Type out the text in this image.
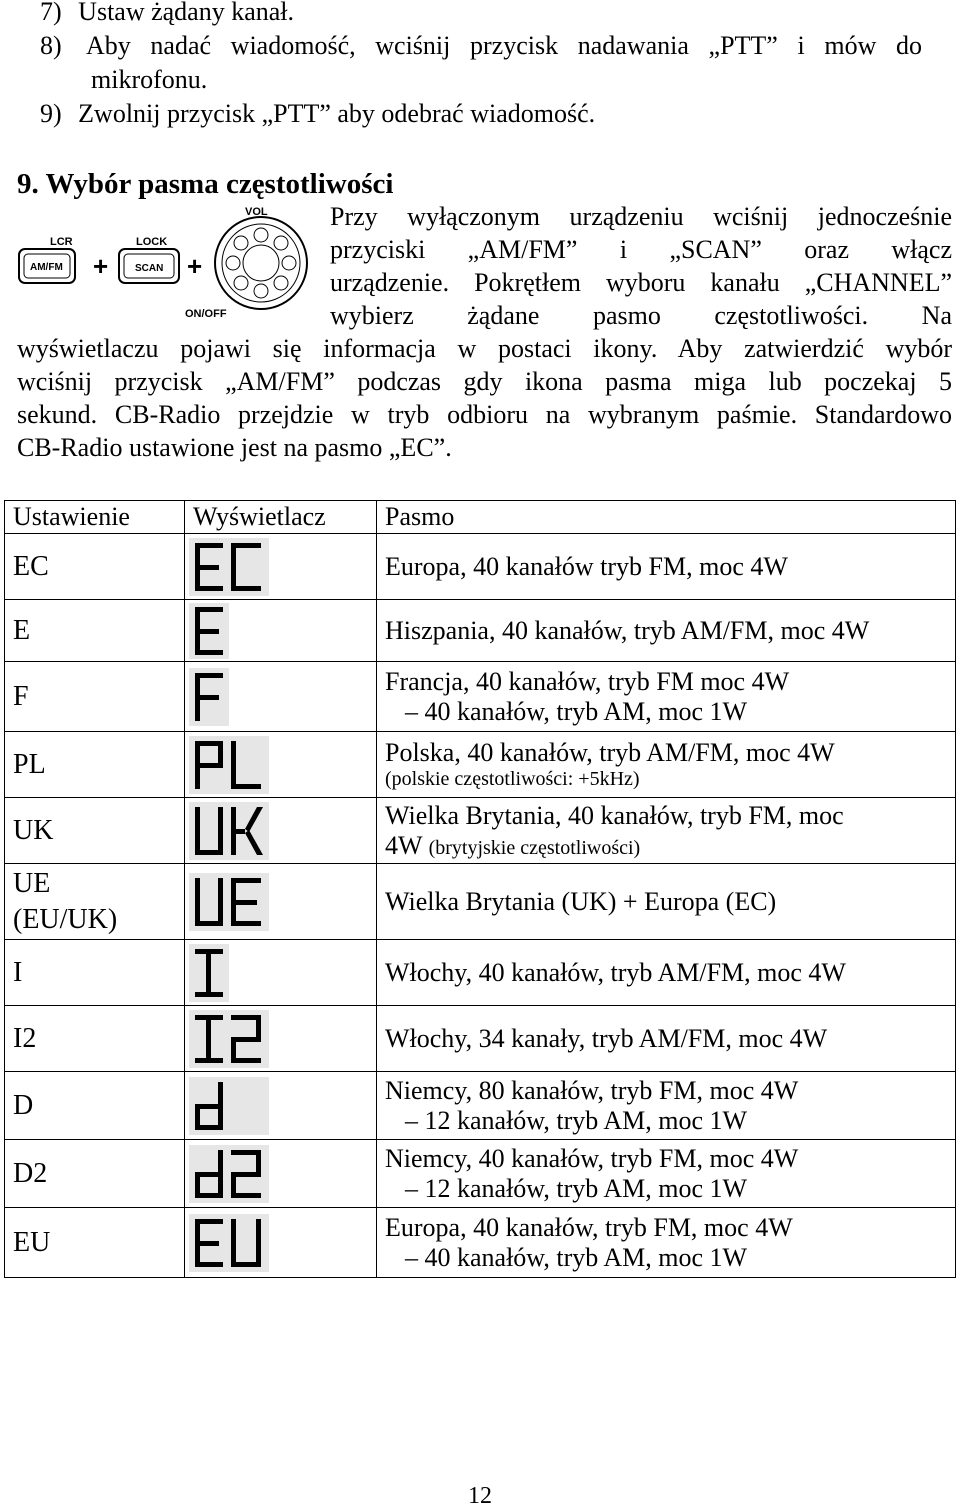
7) Ustaw żądany kanał.
8) Aby nadać wiadomość, wciśnij przycisk nadawania „PTT” i mów do
mikrofonu.
9) Zwolnij przycisk „PTT” aby odebrać wiadomość.
9. Wybór pasma częstotliwości
LCR
AM/FM +
LOCK
SCAN +
VOL
ON/OFF
Przy wyłączonym urządzeniu wciśnij jednocześnie
przyciski „AM/FM” i „SCAN” oraz włącz
urządzenie. Pokrętłem wyboru kanału „CHANNEL”
wybierz żądane pasmo częstotliwości. Na
wyświetlaczu pojawi się informacja w postaci ikony. Aby zatwierdzić wybór
wciśnij przycisk „AM/FM” podczas gdy ikona pasma miga lub poczekaj 5
sekund. CB-Radio przejdzie w tryb odbioru na wybranym paśmie. Standardowo
CB-Radio ustawione jest na pasmo „EC”.
Ustawienie	Wyświetlacz	Pasmo
EC		Europa, 40 kanałów tryb FM, moc 4W

E		Hiszpania, 40 kanałów, tryb AM/FM, moc 4W

F		Francja, 40 kanałów, tryb FM moc 4W
– 40 kanałów, tryb AM, moc 1W

PL		Polska, 40 kanałów, tryb AM/FM, moc 4W
(polskie częstotliwości: +5kHz)

UK		Wielka Brytania, 40 kanałów, tryb FM, moc
4W (brytyjskie częstotliwości)

UE
(EU/UK)		Wielka Brytania (UK) + Europa (EC)

I		Włochy, 40 kanałów, tryb AM/FM, moc 4W

I2		Włochy, 34 kanały, tryb AM/FM, moc 4W

D		Niemcy, 80 kanałów, tryb FM, moc 4W
– 12 kanałów, tryb AM, moc 1W

D2		Niemcy, 40 kanałów, tryb FM, moc 4W
– 12 kanałów, tryb AM, moc 1W

EU		Europa, 40 kanałów, tryb FM, moc 4W
– 40 kanałów, tryb AM, moc 1W
12
